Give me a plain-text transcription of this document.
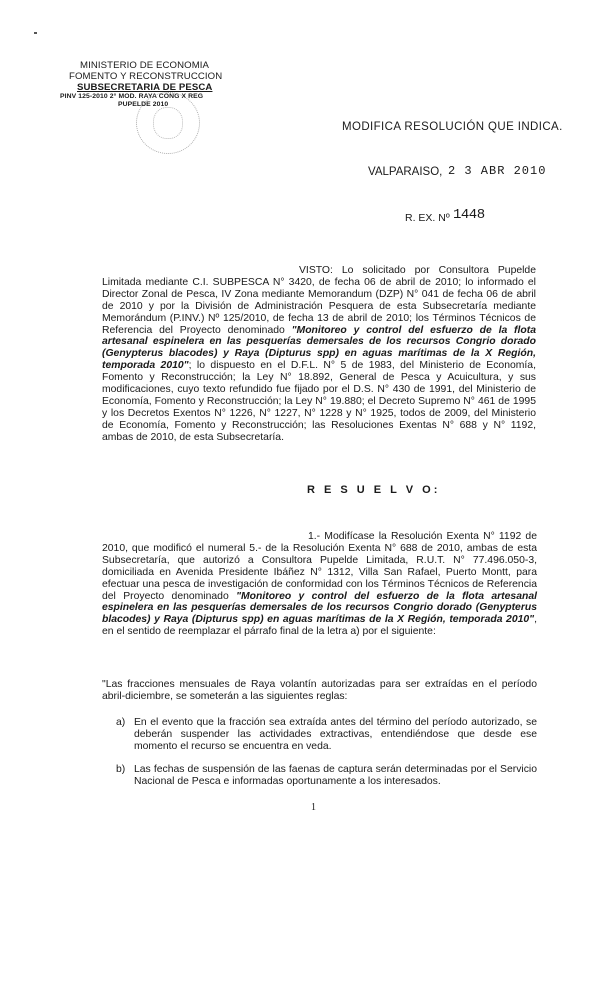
MINISTERIO DE ECONOMIA
FOMENTO Y RECONSTRUCCION
SUBSECRETARIA DE PESCA
PINV 125-2010 2° MOD. RAYA CONG X REG
PUPELDE 2010
MODIFICA RESOLUCIÓN QUE INDICA.
VALPARAISO, 2 3 ABR 2010
R. EX. Nº 1448
VISTO: Lo solicitado por Consultora Pupelde Limitada mediante C.I. SUBPESCA N° 3420, de fecha 06 de abril de 2010; lo informado el Director Zonal de Pesca, IV Zona mediante Memorandum (DZP) N° 041 de fecha 06 de abril de 2010 y por la División de Administración Pesquera de esta Subsecretaría mediante Memorándum (P.INV.) Nº 125/2010, de fecha 13 de abril de 2010; los Términos Técnicos de Referencia del Proyecto denominado "Monitoreo y control del esfuerzo de la flota artesanal espinelera en las pesquerías demersales de los recursos Congrio dorado (Genypterus blacodes) y Raya (Dipturus spp) en aguas marítimas de la X Región, temporada 2010"; lo dispuesto en el D.F.L. N° 5 de 1983, del Ministerio de Economía, Fomento y Reconstrucción; la Ley N° 18.892, General de Pesca y Acuicultura, y sus modificaciones, cuyo texto refundido fue fijado por el D.S. N° 430 de 1991, del Ministerio de Economía, Fomento y Reconstrucción; la Ley N° 19.880; el Decreto Supremo N° 461 de 1995 y los Decretos Exentos N° 1226, N° 1227, N° 1228 y N° 1925, todos de 2009, del Ministerio de Economía, Fomento y Reconstrucción; las Resoluciones Exentas N° 688 y N° 1192, ambas de 2010, de esta Subsecretaría.
R E S U E L V O:
1.- Modifícase la Resolución Exenta N° 1192 de 2010, que modificó el numeral 5.- de la Resolución Exenta N° 688 de 2010, ambas de esta Subsecretaría, que autorizó a Consultora Pupelde Limitada, R.U.T. N° 77.496.050-3, domiciliada en Avenida Presidente Ibáñez N° 1312, Villa San Rafael, Puerto Montt, para efectuar una pesca de investigación de conformidad con los Términos Técnicos de Referencia del Proyecto denominado "Monitoreo y control del esfuerzo de la flota artesanal espinelera en las pesquerías demersales de los recursos Congrio dorado (Genypterus blacodes) y Raya (Dipturus spp) en aguas marítimas de la X Región, temporada 2010", en el sentido de reemplazar el párrafo final de la letra a) por el siguiente:
"Las fracciones mensuales de Raya volantín autorizadas para ser extraídas en el período abril-diciembre, se someterán a las siguientes reglas:
a) En el evento que la fracción sea extraída antes del término del período autorizado, se deberán suspender las actividades extractivas, entendiéndose que desde ese momento el recurso se encuentra en veda.
b) Las fechas de suspensión de las faenas de captura serán determinadas por el Servicio Nacional de Pesca e informadas oportunamente a los interesados.
1
